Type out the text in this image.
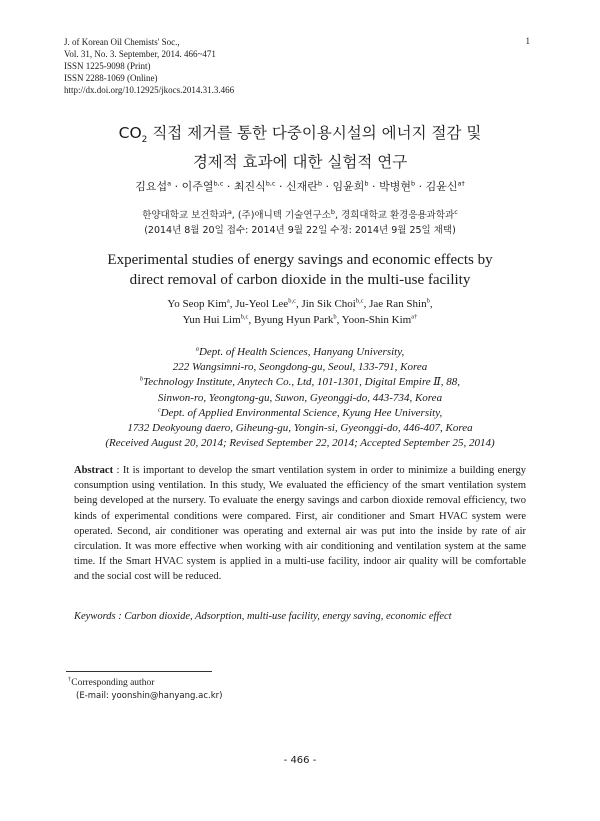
J. of Korean Oil Chemists' Soc.,
Vol. 31, No. 3. September, 2014. 466~471
ISSN 1225-9098 (Print)
ISSN 2288-1069 (Online)
http://dx.doi.org/10.12925/jkocs.2014.31.3.466
1
$CO_2$ 직접 제거를 통한 다중이용시설의 에너지 절감 및
경제적 효과에 대한 실험적 연구
김요섭$^a$ · 이주열$^{b,c}$ · 최진식$^{b,c}$ · 신재란$^b$ · 임윤희$^b$ · 박병현$^b$ · 김윤신$^{a\dagger}$
한양대학교 보건학과$^a$, (주)애니텍 기술연구소$^b$, 경희대학교 환경응용과학과$^c$
(2014년 8월 20일 접수: 2014년 9월 22일 수정: 2014년 9월 25일 채택)
Experimental studies of energy savings and economic effects by
direct removal of carbon dioxide in the multi-use facility
Yo Seop Kim$^a$, Ju-Yeol Lee$^{b,c}$, Jin Sik Choi$^{b,c}$, Jae Ran Shin$^b$,
Yun Hui Lim$^{b,c}$, Byung Hyun Park$^b$, Yoon-Shin Kim$^{a\dagger}$
$^a$Dept. of Health Sciences, Hanyang University,
222 Wangsimni-ro, Seongdong-gu, Seoul, 133-791, Korea
$^b$Technology Institute, Anytech Co., Ltd, 101-1301, Digital Empire Ⅱ, 88,
Sinwon-ro, Yeongtong-gu, Suwon, Gyeonggi-do, 443-734, Korea
$^c$Dept. of Applied Environmental Science, Kyung Hee University,
1732 Deokyoung daero, Giheung-gu, Yongin-si, Gyeonggi-do, 446-407, Korea
(Received August 20, 2014; Revised September 22, 2014; Accepted September 25, 2014)
Abstract : It is important to develop the smart ventilation system in order to minimize a building energy consumption using ventilation. In this study, We evaluated the efficiency of the smart ventilation system being developed at the nursery. To evaluate the energy savings and carbon dioxide removal efficiency, two kinds of experimental conditions were compared. First, air conditioner and Smart HVAC system were operated. Second, air conditioner was operating and external air was put into the inside by rate of air circulation. It was more effective when working with air conditioning and ventilation system at the same time. If the Smart HVAC system is applied in a multi-use facility, indoor air quality will be comfortable and the social cost will be reduced.
Keywords : Carbon dioxide, Adsorption, multi-use facility, energy saving, economic effect
†Corresponding author
(E-mail: yoonshin@hanyang.ac.kr)
- 466 -
